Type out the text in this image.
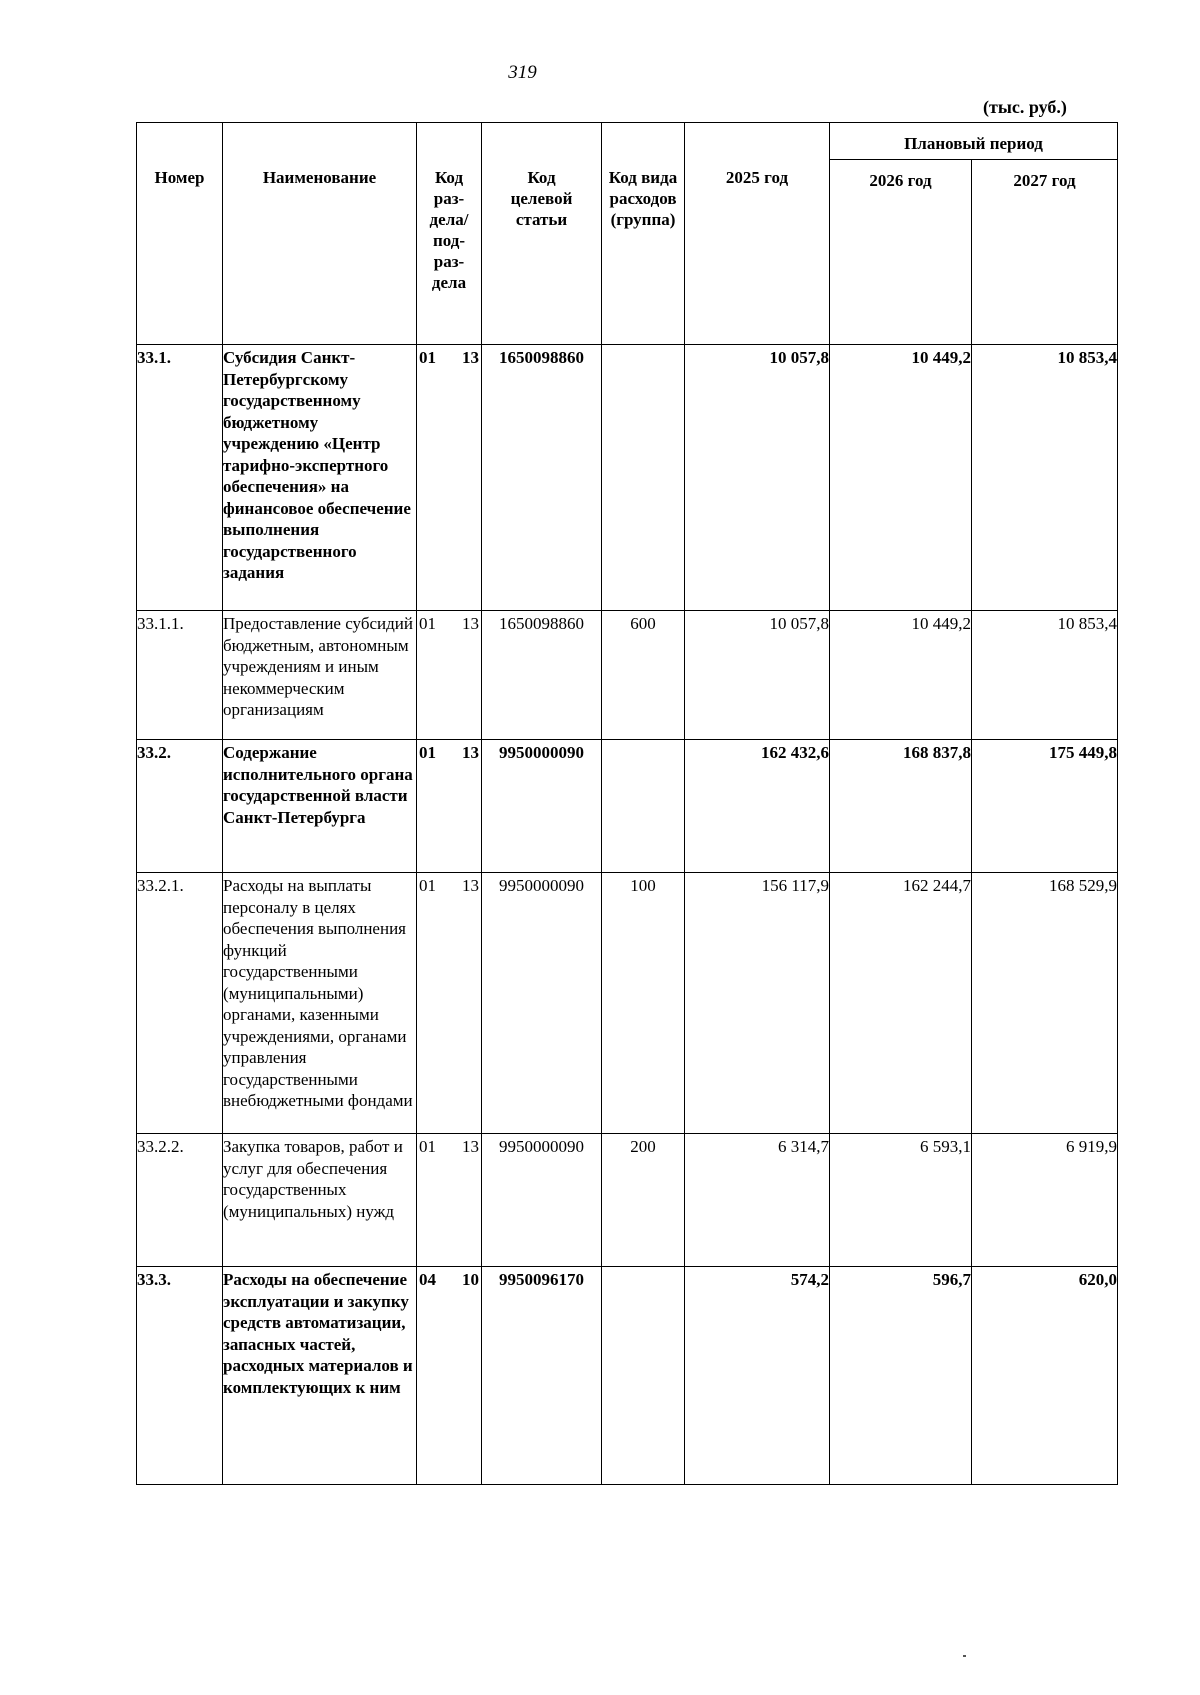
319
(тыс. руб.)
Номер	Наименование	Код раз-дела/ под-раз-дела	Код целевой статьи	Код вида расходов (группа)	2025 год	Плановый период	
						2026 год	2027 год
33.1.	Субсидия Санкт-Петербургскому государственному бюджетному учреждению «Центр тарифно-экспертного обеспечения» на финансовое обеспечение выполнения государственного задания	01 13	1650098860		10 057,8	10 449,2	10 853,4
33.1.1.	Предоставление субсидий бюджетным, автономным учреждениям и иным некоммерческим организациям	01 13	1650098860	600	10 057,8	10 449,2	10 853,4
33.2.	Содержание исполнительного органа государственной власти Санкт-Петербурга	01 13	9950000090		162 432,6	168 837,8	175 449,8
33.2.1.	Расходы на выплаты персоналу в целях обеспечения выполнения функций государственными (муниципальными) органами, казенными учреждениями, органами управления государственными внебюджетными фондами	01 13	9950000090	100	156 117,9	162 244,7	168 529,9
33.2.2.	Закупка товаров, работ и услуг для обеспечения государственных (муниципальных) нужд	01 13	9950000090	200	6 314,7	6 593,1	6 919,9
33.3.	Расходы на обеспечение эксплуатации и закупку средств автоматизации, запасных частей, расходных материалов и комплектующих к ним	04 10	9950096170		574,2	596,7	620,0
